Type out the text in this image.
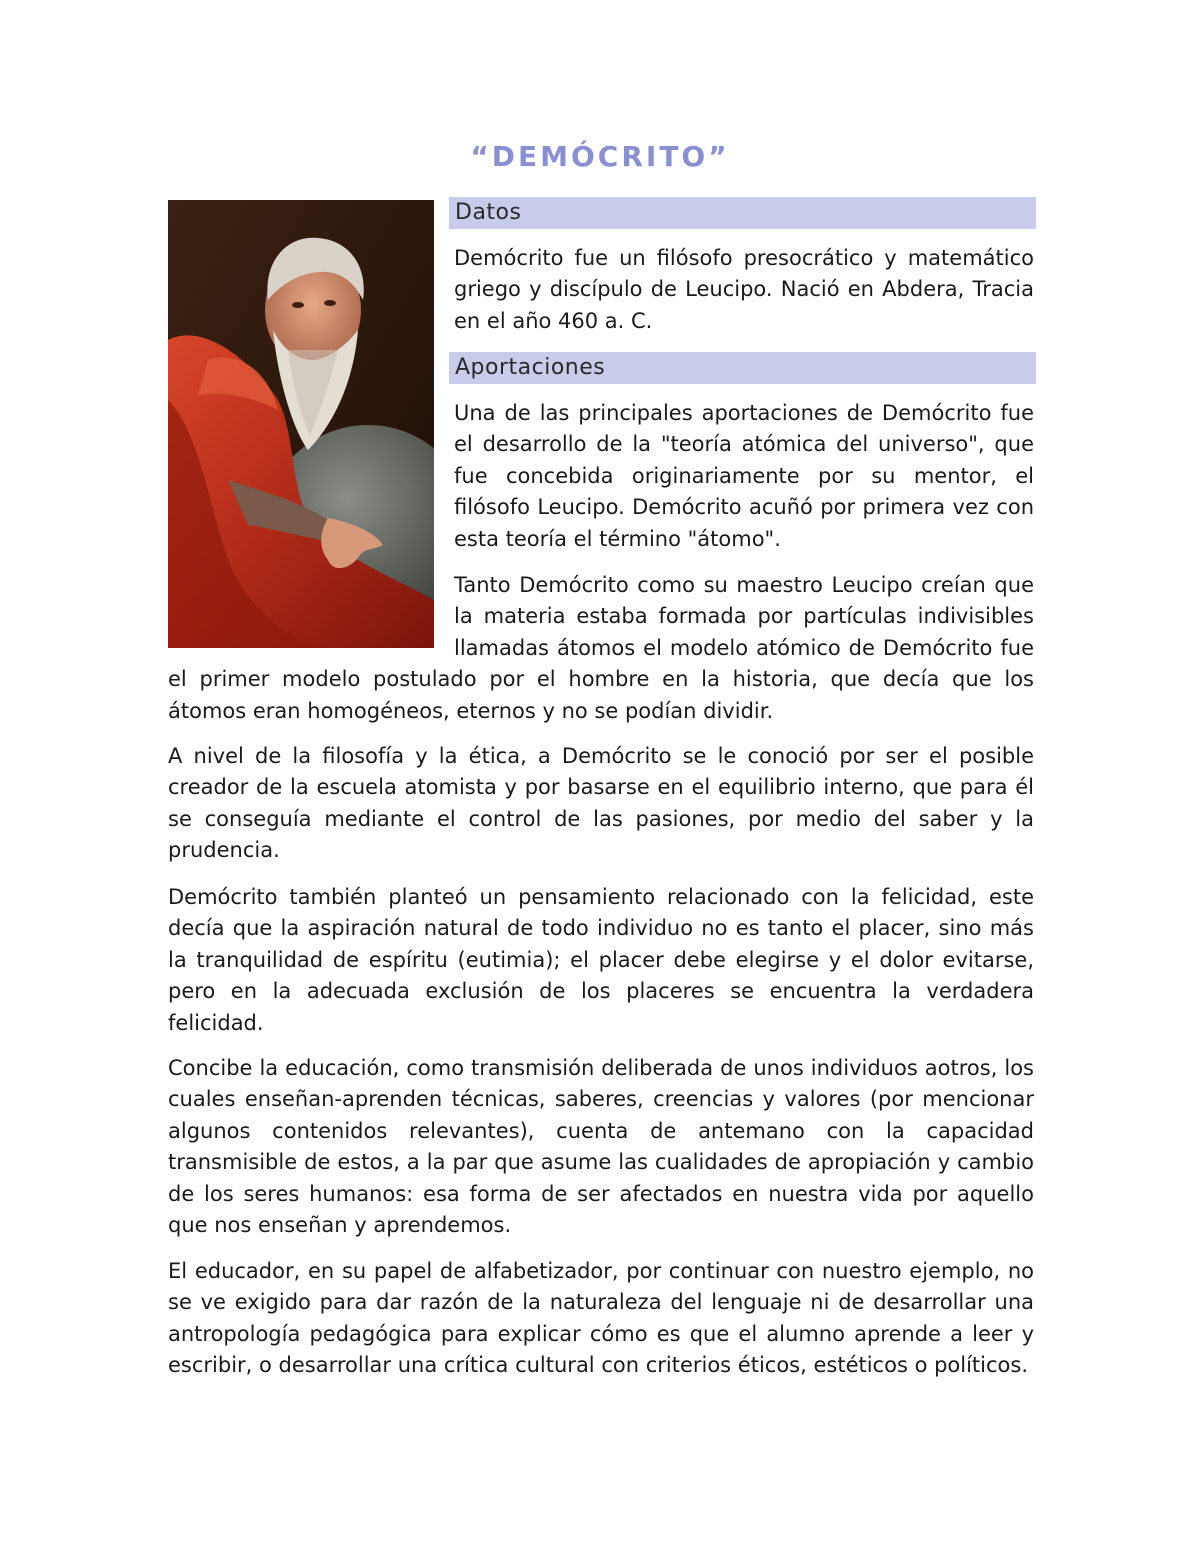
“DEMÓCRITO”
Datos

Demócrito fue un filósofo presocrático y matemático griego y discípulo de Leucipo. Nació en Abdera, Tracia en el año 460 a. C.

Aportaciones

Una de las principales aportaciones de Demócrito fue el desarrollo de la "teoría atómica del universo", que fue concebida originariamente por su mentor, el filósofo Leucipo. Demócrito acuñó por primera vez con esta teoría el término "átomo".

Tanto Demócrito como su maestro Leucipo creían que la materia estaba formada por partículas indivisibles llamadas átomos el modelo atómico de Demócrito fue el primer modelo postulado por el hombre en la historia, que decía que los átomos eran homogéneos, eternos y no se podían dividir.

A nivel de la filosofía y la ética, a Demócrito se le conoció por ser el posible creador de la escuela atomista y por basarse en el equilibrio interno, que para él se conseguía mediante el control de las pasiones, por medio del saber y la prudencia.

Demócrito también planteó un pensamiento relacionado con la felicidad, este decía que la aspiración natural de todo individuo no es tanto el placer, sino más la tranquilidad de espíritu (eutimia); el placer debe elegirse y el dolor evitarse, pero en la adecuada exclusión de los placeres se encuentra la verdadera felicidad.

Concibe la educación, como transmisión deliberada de unos individuos aotros, los cuales enseñan-aprenden técnicas, saberes, creencias y valores (por mencionar algunos contenidos relevantes), cuenta de antemano con la capacidad transmisible de estos, a la par que asume las cualidades de apropiación y cambio de los seres humanos: esa forma de ser afectados en nuestra vida por aquello que nos enseñan y aprendemos.

El educador, en su papel de alfabetizador, por continuar con nuestro ejemplo, no se ve exigido para dar razón de la naturaleza del lenguaje ni de desarrollar una antropología pedagógica para explicar cómo es que el alumno aprende a leer y escribir, o desarrollar una crítica cultural con criterios éticos, estéticos o políticos.
